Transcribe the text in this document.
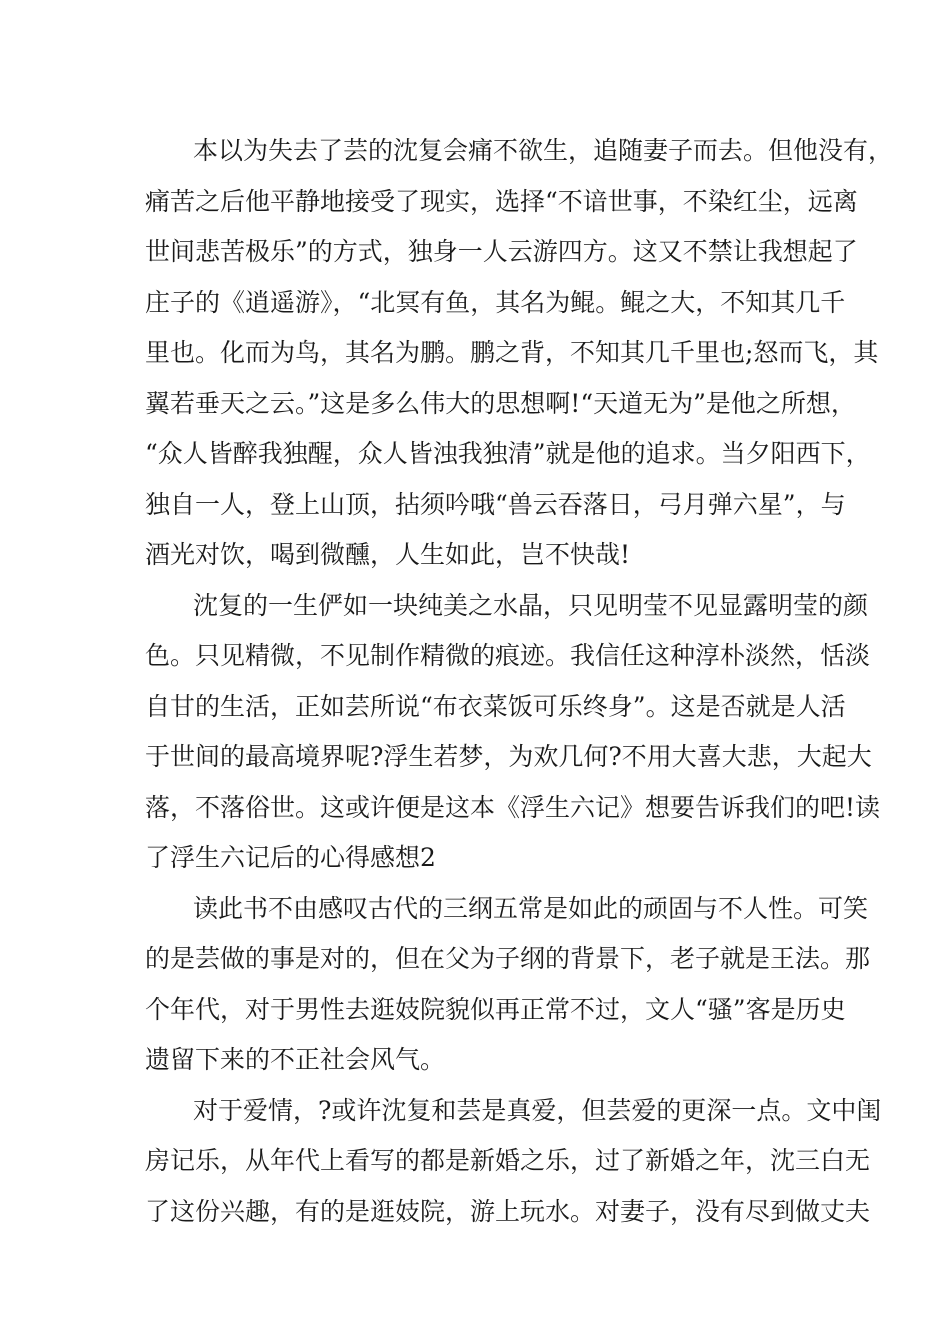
本以为失去了芸的沈复会痛不欲生，追随妻子而去。但他没有，
痛苦之后他平静地接受了现实，选择“不谙世事，不染红尘，远离
世间悲苦极乐”的方式，独身一人云游四方。这又不禁让我想起了
庄子的《逍遥游》，“北冥有鱼，其名为鲲。鲲之大，不知其几千
里也。化而为鸟，其名为鹏。鹏之背，不知其几千里也;怒而飞，其
翼若垂天之云。”这是多么伟大的思想啊!“天道无为”是他之所想，
“众人皆醉我独醒，众人皆浊我独清”就是他的追求。当夕阳西下，
独自一人，登上山顶，拈须吟哦“兽云吞落日，弓月弹六星”，与
酒光对饮，喝到微醺，人生如此，岂不快哉!
沈复的一生俨如一块纯美之水晶，只见明莹不见显露明莹的颜
色。只见精微，不见制作精微的痕迹。我信任这种淳朴淡然，恬淡
自甘的生活，正如芸所说“布衣菜饭可乐终身”。这是否就是人活
于世间的最高境界呢?浮生若梦，为欢几何?不用大喜大悲，大起大
落，不落俗世。这或许便是这本《浮生六记》想要告诉我们的吧!读
了浮生六记后的心得感想2
读此书不由感叹古代的三纲五常是如此的顽固与不人性。可笑
的是芸做的事是对的，但在父为子纲的背景下，老子就是王法。那
个年代，对于男性去逛妓院貌似再正常不过，文人“骚”客是历史
遗留下来的不正社会风气。
对于爱情，?或许沈复和芸是真爱，但芸爱的更深一点。文中闺
房记乐，从年代上看写的都是新婚之乐，过了新婚之年，沈三白无
了这份兴趣，有的是逛妓院，游上玩水。对妻子，没有尽到做丈夫
